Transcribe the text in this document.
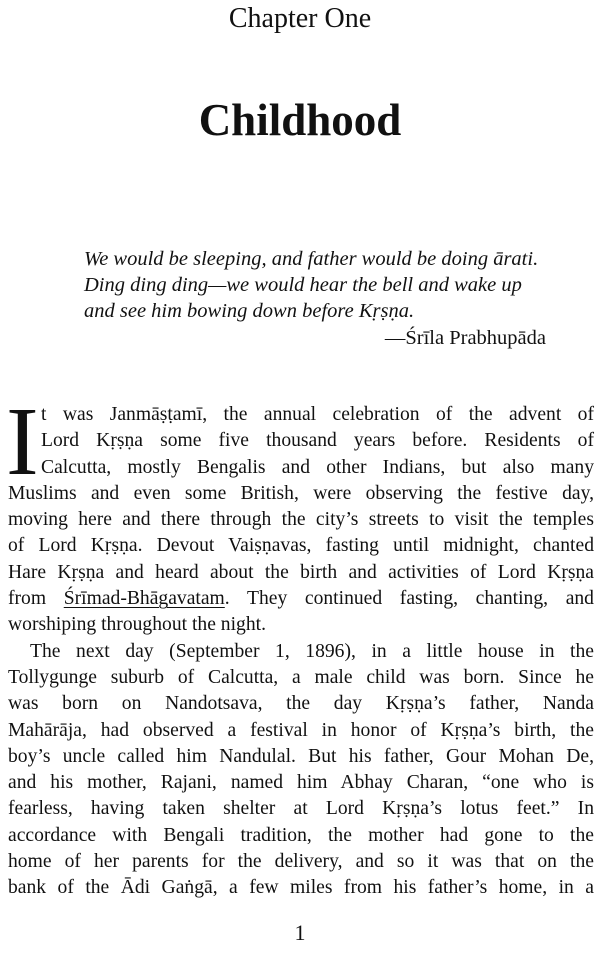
Chapter One
Childhood

We would be sleeping, and father would be doing ārati.

Ding ding ding—we would hear the bell and wake up

and see him bowing down before Kṛṣṇa.

—Śrīla Prabhupāda
I t was Janmāṣṭamī, the annual celebration of the advent of
Lord Kṛṣṇa some five thousand years before. Residents of
Calcutta, mostly Bengalis and other Indians, but also many
Muslims and even some British, were observing the festive day,
moving here and there through the city’s streets to visit the temples
of Lord Kṛṣṇa. Devout Vaiṣṇavas, fasting until midnight, chanted
Hare Kṛṣṇa and heard about the birth and activities of Lord Kṛṣṇa
from Śrīmad-Bhāgavatam. They continued fasting, chanting, and
worshiping throughout the night.
The next day (September 1, 1896), in a little house in the
Tollygunge suburb of Calcutta, a male child was born. Since he
was born on Nandotsava, the day Kṛṣṇa’s father, Nanda
Mahārāja, had observed a festival in honor of Kṛṣṇa’s birth, the
boy’s uncle called him Nandulal. But his father, Gour Mohan De,
and his mother, Rajani, named him Abhay Charan, “one who is
fearless, having taken shelter at Lord Kṛṣṇa’s lotus feet.” In
accordance with Bengali tradition, the mother had gone to the
home of her parents for the delivery, and so it was that on the
bank of the Ādi Gaṅgā, a few miles from his father’s home, in a
1
